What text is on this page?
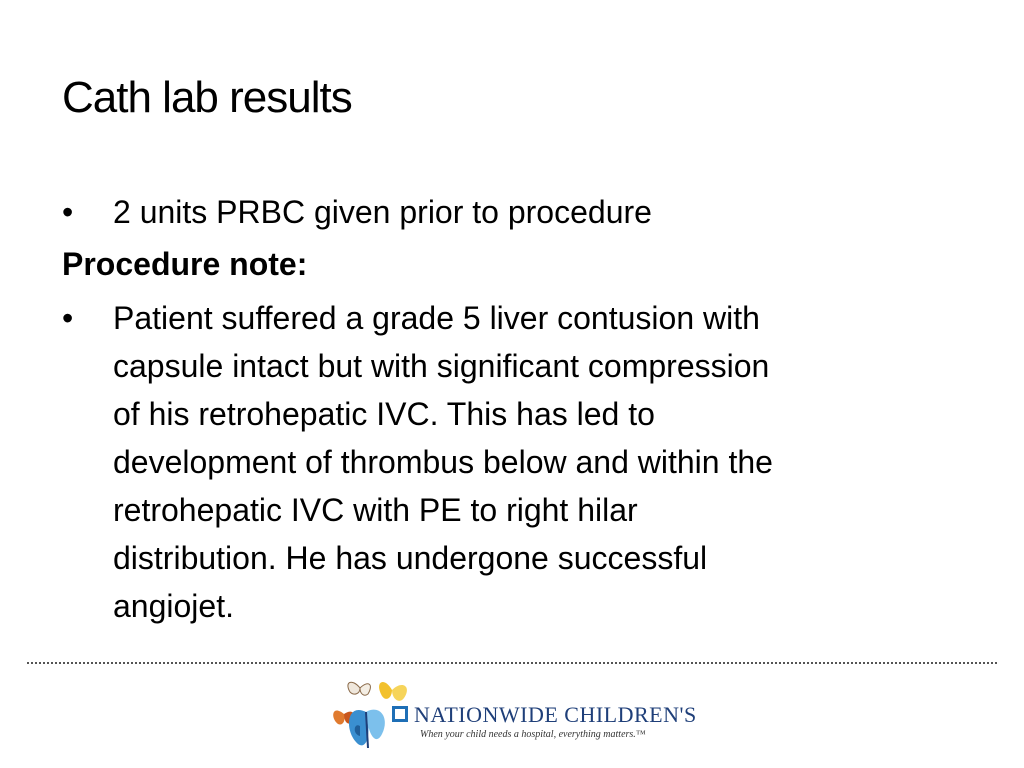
Cath lab results
•	2 units PRBC given prior to procedure
Procedure note:
•	Patient suffered a grade 5 liver contusion with
capsule intact but with significant compression
of his retrohepatic IVC. This has led to
development of thrombus below and within the
retrohepatic IVC with PE to right hilar
distribution. He has undergone successful
angiojet.
NATIONWIDE CHILDREN'S
When your child needs a hospital, everything matters.™
